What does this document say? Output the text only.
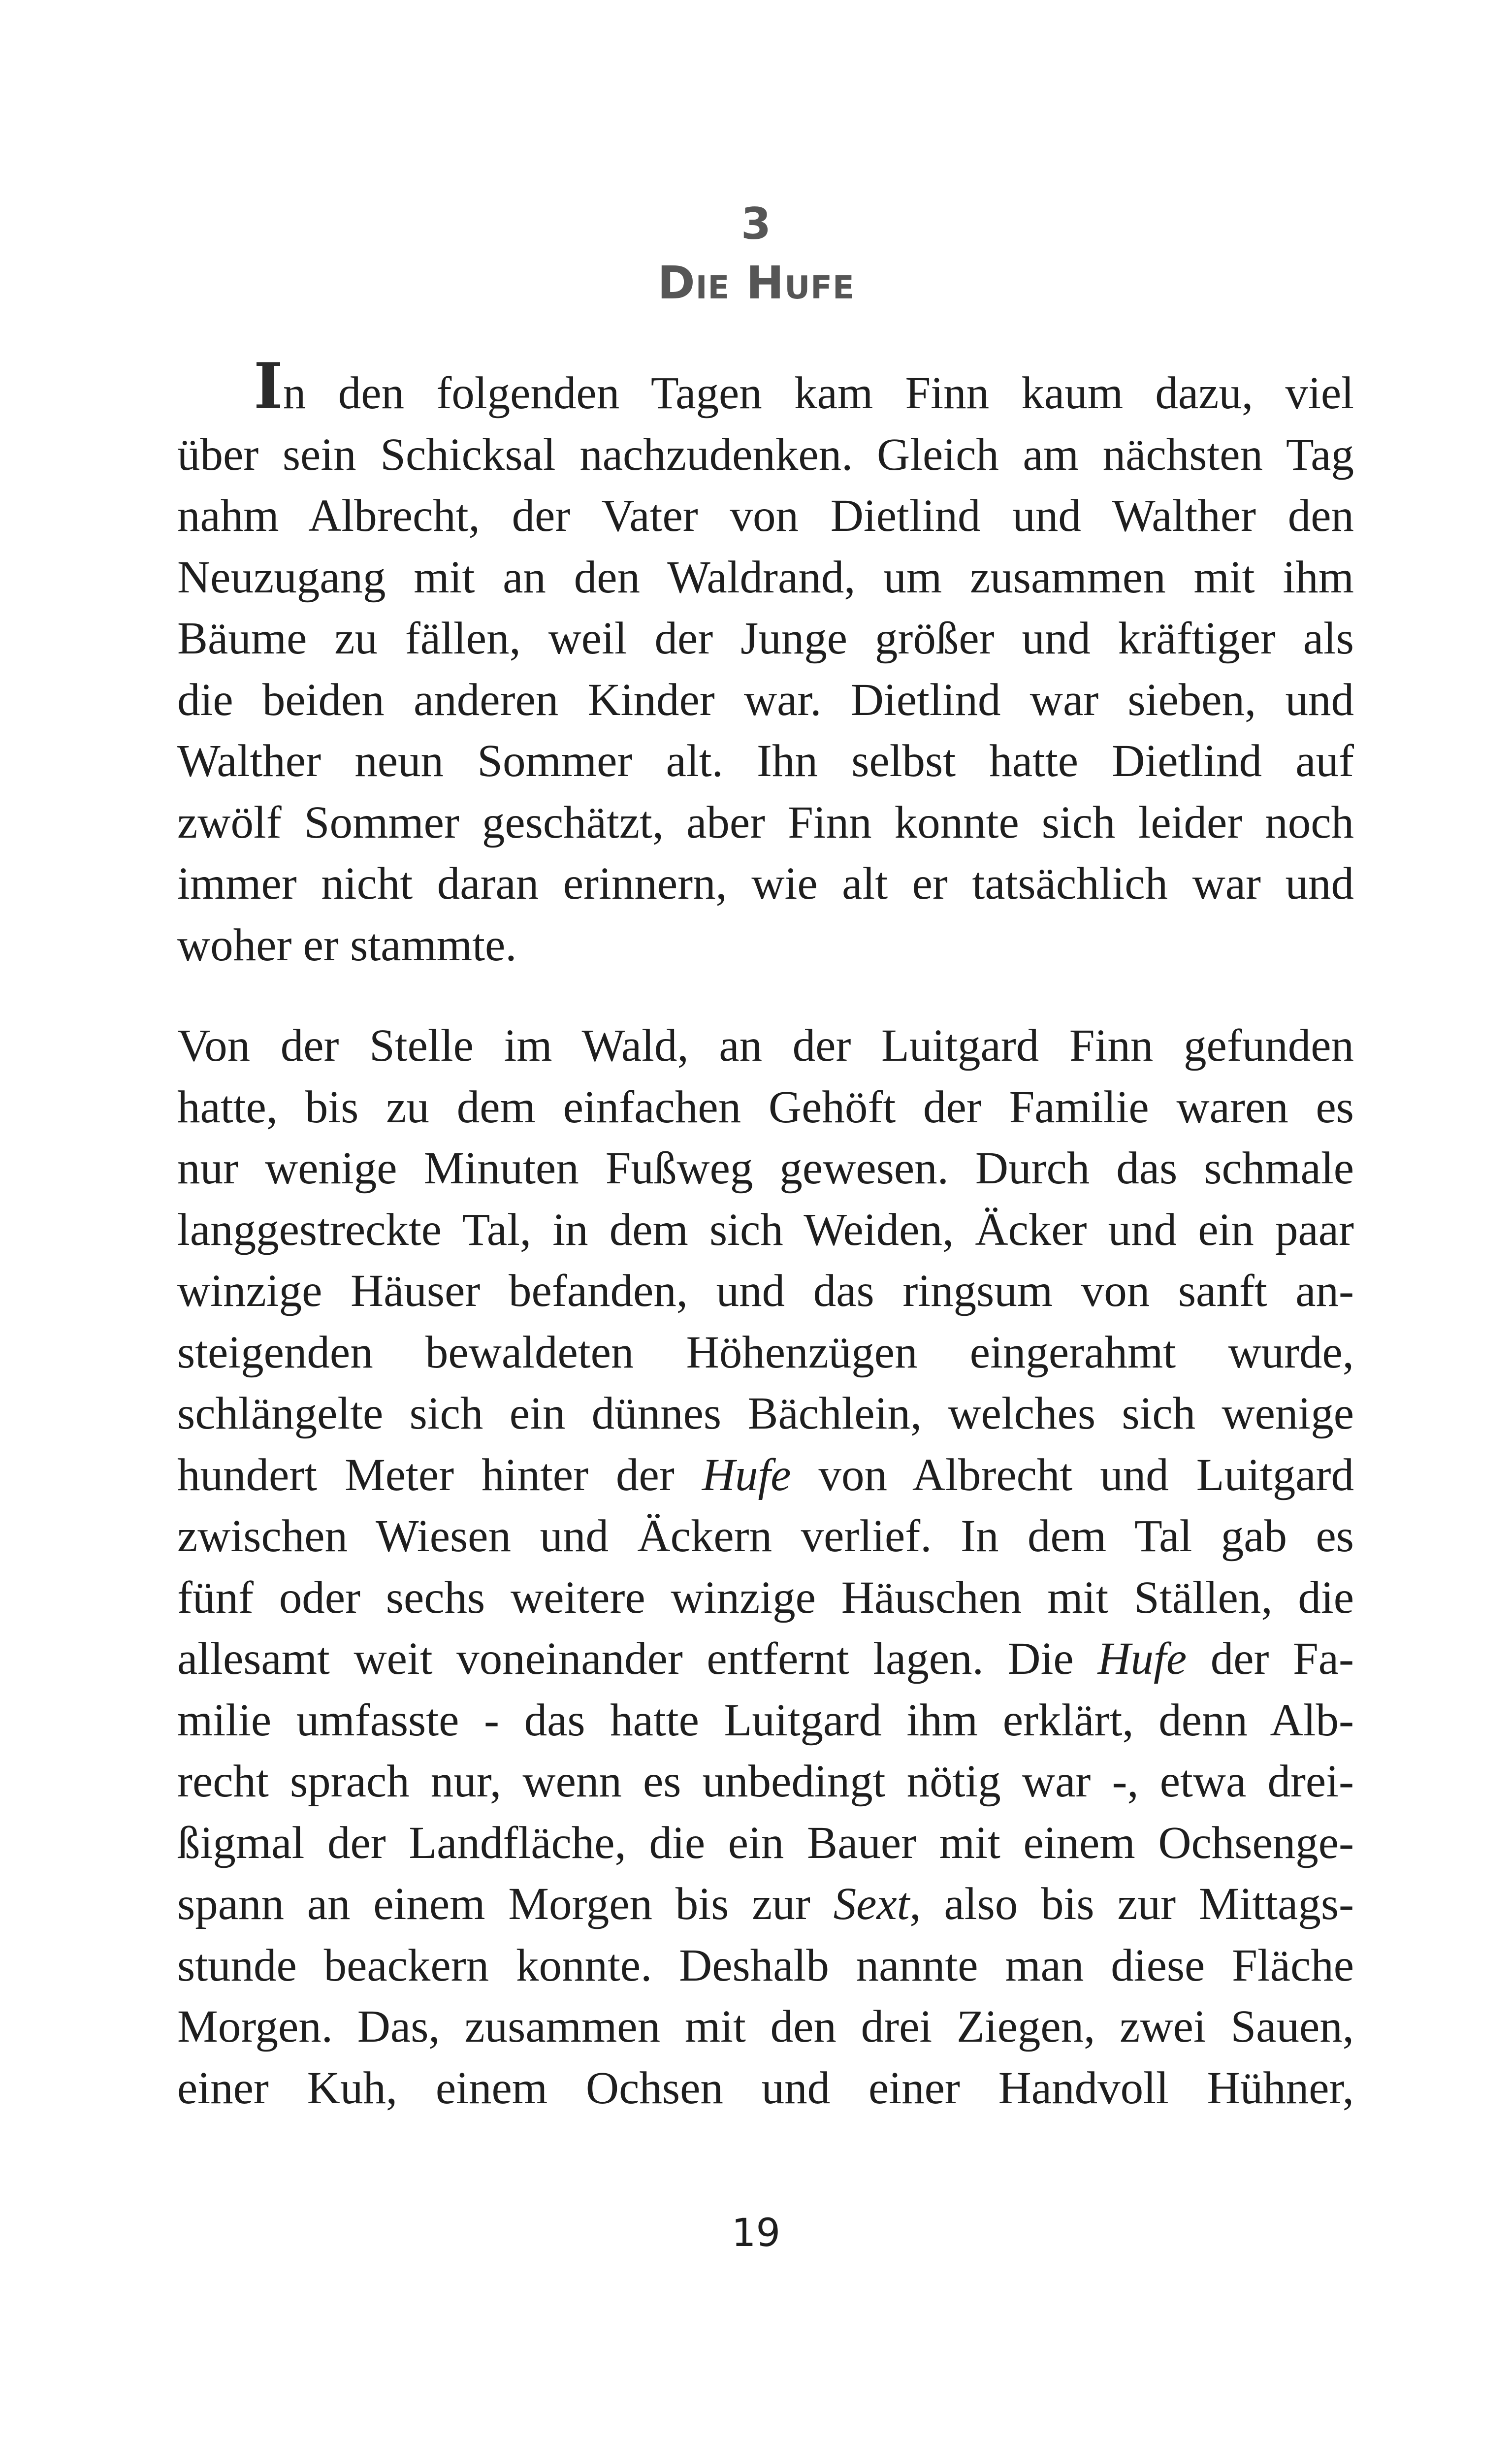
3
Die Hufe
In den folgenden Tagen kam Finn kaum dazu, viel
über sein Schicksal nachzudenken. Gleich am nächsten Tag
nahm Albrecht, der Vater von Dietlind und Walther den
Neuzugang mit an den Waldrand, um zusammen mit ihm
Bäume zu fällen, weil der Junge größer und kräftiger als
die beiden anderen Kinder war. Dietlind war sieben, und
Walther neun Sommer alt. Ihn selbst hatte Dietlind auf
zwölf Sommer geschätzt, aber Finn konnte sich leider noch
immer nicht daran erinnern, wie alt er tatsächlich war und
woher er stammte.
Von der Stelle im Wald, an der Luitgard Finn gefunden
hatte, bis zu dem einfachen Gehöft der Familie waren es
nur wenige Minuten Fußweg gewesen. Durch das schmale
langgestreckte Tal, in dem sich Weiden, Äcker und ein paar
winzige Häuser befanden, und das ringsum von sanft an-
steigenden bewaldeten Höhenzügen eingerahmt wurde,
schlängelte sich ein dünnes Bächlein, welches sich wenige
hundert Meter hinter der Hufe von Albrecht und Luitgard
zwischen Wiesen und Äckern verlief. In dem Tal gab es
fünf oder sechs weitere winzige Häuschen mit Ställen, die
allesamt weit voneinander entfernt lagen. Die Hufe der Fa-
milie umfasste - das hatte Luitgard ihm erklärt, denn Alb-
recht sprach nur, wenn es unbedingt nötig war -, etwa drei-
ßigmal der Landfläche, die ein Bauer mit einem Ochsenge-
spann an einem Morgen bis zur Sext, also bis zur Mittags-
stunde beackern konnte. Deshalb nannte man diese Fläche
Morgen. Das, zusammen mit den drei Ziegen, zwei Sauen,
einer Kuh, einem Ochsen und einer Handvoll Hühner,
19
